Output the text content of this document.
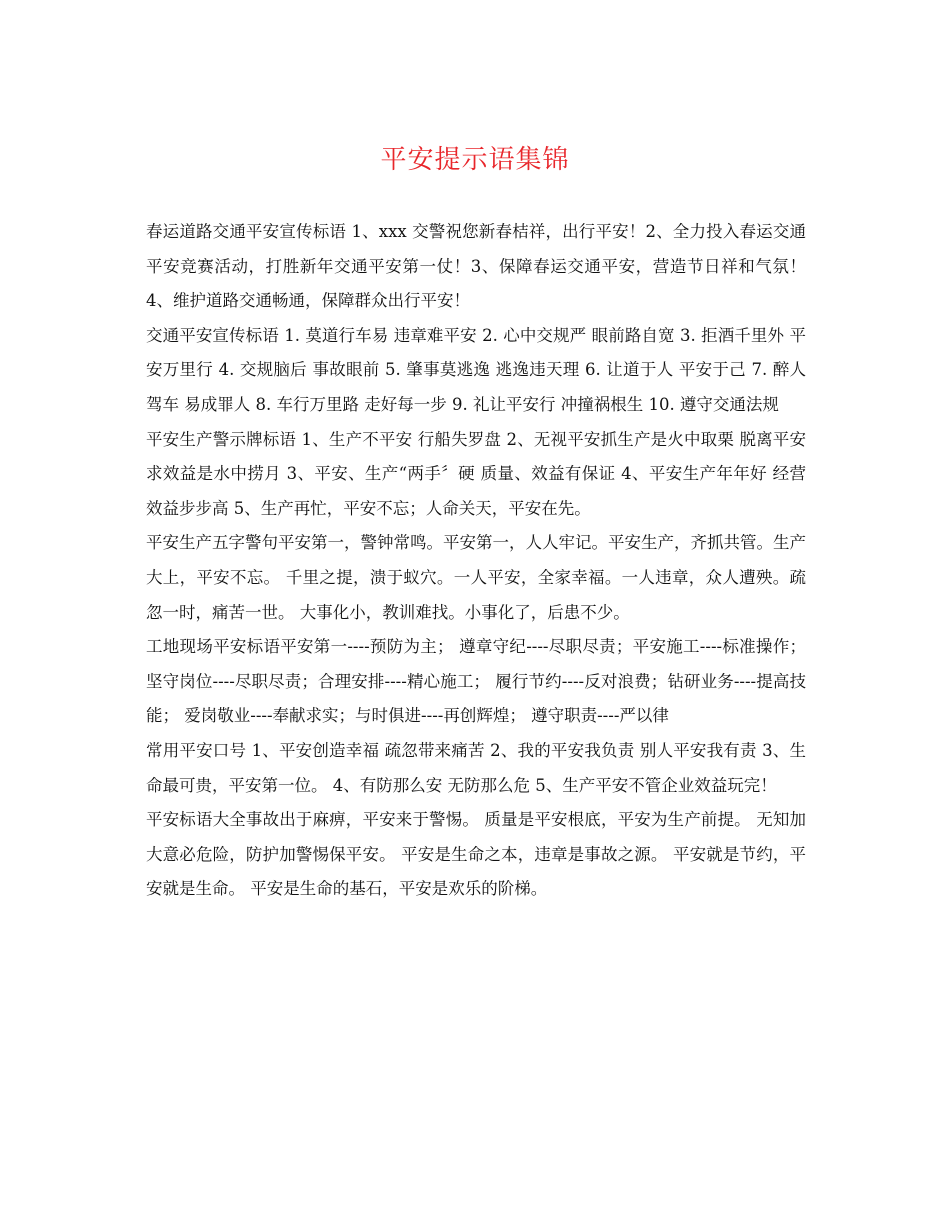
平安提示语集锦

春运道路交通平安宣传标语 1、xxx 交警祝您新春桔祥，出行平安！2、全力投入春运交通平安竞赛活动，打胜新年交通平安第一仗！3、保障春运交通平安，营造节日祥和气氛！ 4、维护道路交通畅通，保障群众出行平安！

交通平安宣传标语 1. 莫道行车易 违章难平安 2. 心中交规严 眼前路自宽 3. 拒酒千里外 平安万里行 4. 交规脑后 事故眼前 5. 肇事莫逃逸 逃逸违天理 6. 让道于人 平安于己 7. 醉人驾车 易成罪人 8. 车行万里路 走好每一步 9. 礼让平安行 冲撞祸根生 10. 遵守交通法规

平安生产警示牌标语 1、生产不平安 行船失罗盘 2、无视平安抓生产是火中取栗 脱离平安求效益是水中捞月 3、平安、生产“两手〞硬 质量、效益有保证 4、平安生产年年好 经营效益步步高 5、生产再忙，平安不忘；人命关天，平安在先。

平安生产五字警句平安第一，警钟常鸣。平安第一，人人牢记。平安生产，齐抓共管。生产大上，平安不忘。 千里之提，溃于蚁穴。一人平安，全家幸福。一人违章，众人遭殃。疏忽一时，痛苦一世。 大事化小，教训难找。小事化了，后患不少。

工地现场平安标语平安第一----预防为主； 遵章守纪----尽职尽责；平安施工----标准操作； 坚守岗位----尽职尽责；合理安排----精心施工； 履行节约----反对浪费；钻研业务----提高技能； 爱岗敬业----奉献求实；与时俱进----再创辉煌； 遵守职责----严以律

常用平安口号 1、平安创造幸福 疏忽带来痛苦 2、我的平安我负责 别人平安我有责 3、生命最可贵，平安第一位。 4、有防那么安 无防那么危 5、生产平安不管企业效益玩完！

平安标语大全事故出于麻痹，平安来于警惕。 质量是平安根底，平安为生产前提。 无知加大意必危险，防护加警惕保平安。 平安是生命之本，违章是事故之源。 平安就是节约，平安就是生命。 平安是生命的基石，平安是欢乐的阶梯。
